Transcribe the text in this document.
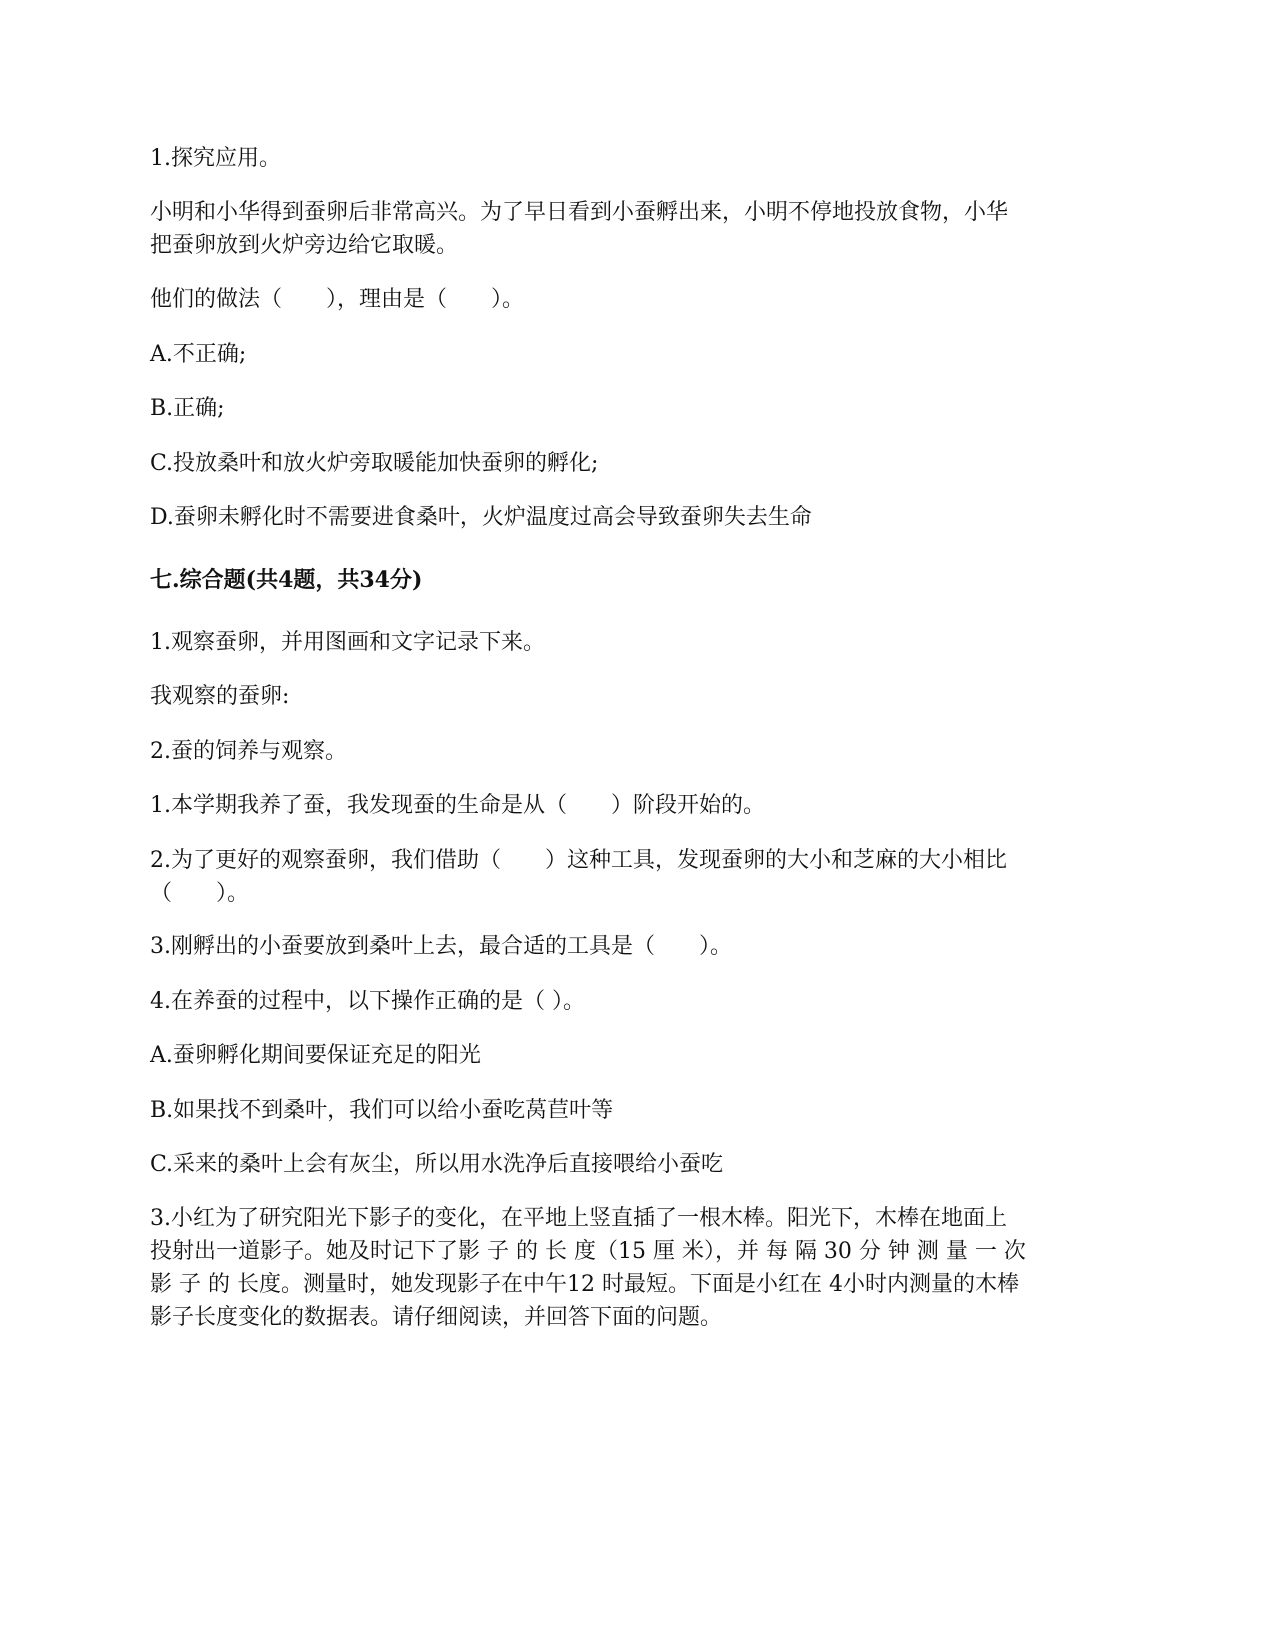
1.探究应用。
小明和小华得到蚕卵后非常高兴。为了早日看到小蚕孵出来，小明不停地投放食物，小华
把蚕卵放到火炉旁边给它取暖。
他们的做法（　　），理由是（　　）。
A.不正确;
B.正确;
C.投放桑叶和放火炉旁取暖能加快蚕卵的孵化;
D.蚕卵未孵化时不需要进食桑叶，火炉温度过高会导致蚕卵失去生命
七.综合题(共4题，共34分)
1.观察蚕卵，并用图画和文字记录下来。
我观察的蚕卵:
2.蚕的饲养与观察。
1.本学期我养了蚕，我发现蚕的生命是从（　　）阶段开始的。
2.为了更好的观察蚕卵，我们借助（　　）这种工具，发现蚕卵的大小和芝麻的大小相比
（　　）。
3.刚孵出的小蚕要放到桑叶上去，最合适的工具是（　　）。
4.在养蚕的过程中，以下操作正确的是（ ）。
A.蚕卵孵化期间要保证充足的阳光
B.如果找不到桑叶，我们可以给小蚕吃莴苣叶等
C.采来的桑叶上会有灰尘，所以用水洗净后直接喂给小蚕吃
3.小红为了研究阳光下影子的变化，在平地上竖直插了一根木棒。阳光下，木棒在地面上
投射出一道影子。她及时记下了影 子 的 长 度（15 厘 米），并 每 隔 30 分 钟 测 量 一 次
影 子 的 长度。测量时，她发现影子在中午12 时最短。下面是小红在 4小时内测量的木棒
影子长度变化的数据表。请仔细阅读，并回答下面的问题。
